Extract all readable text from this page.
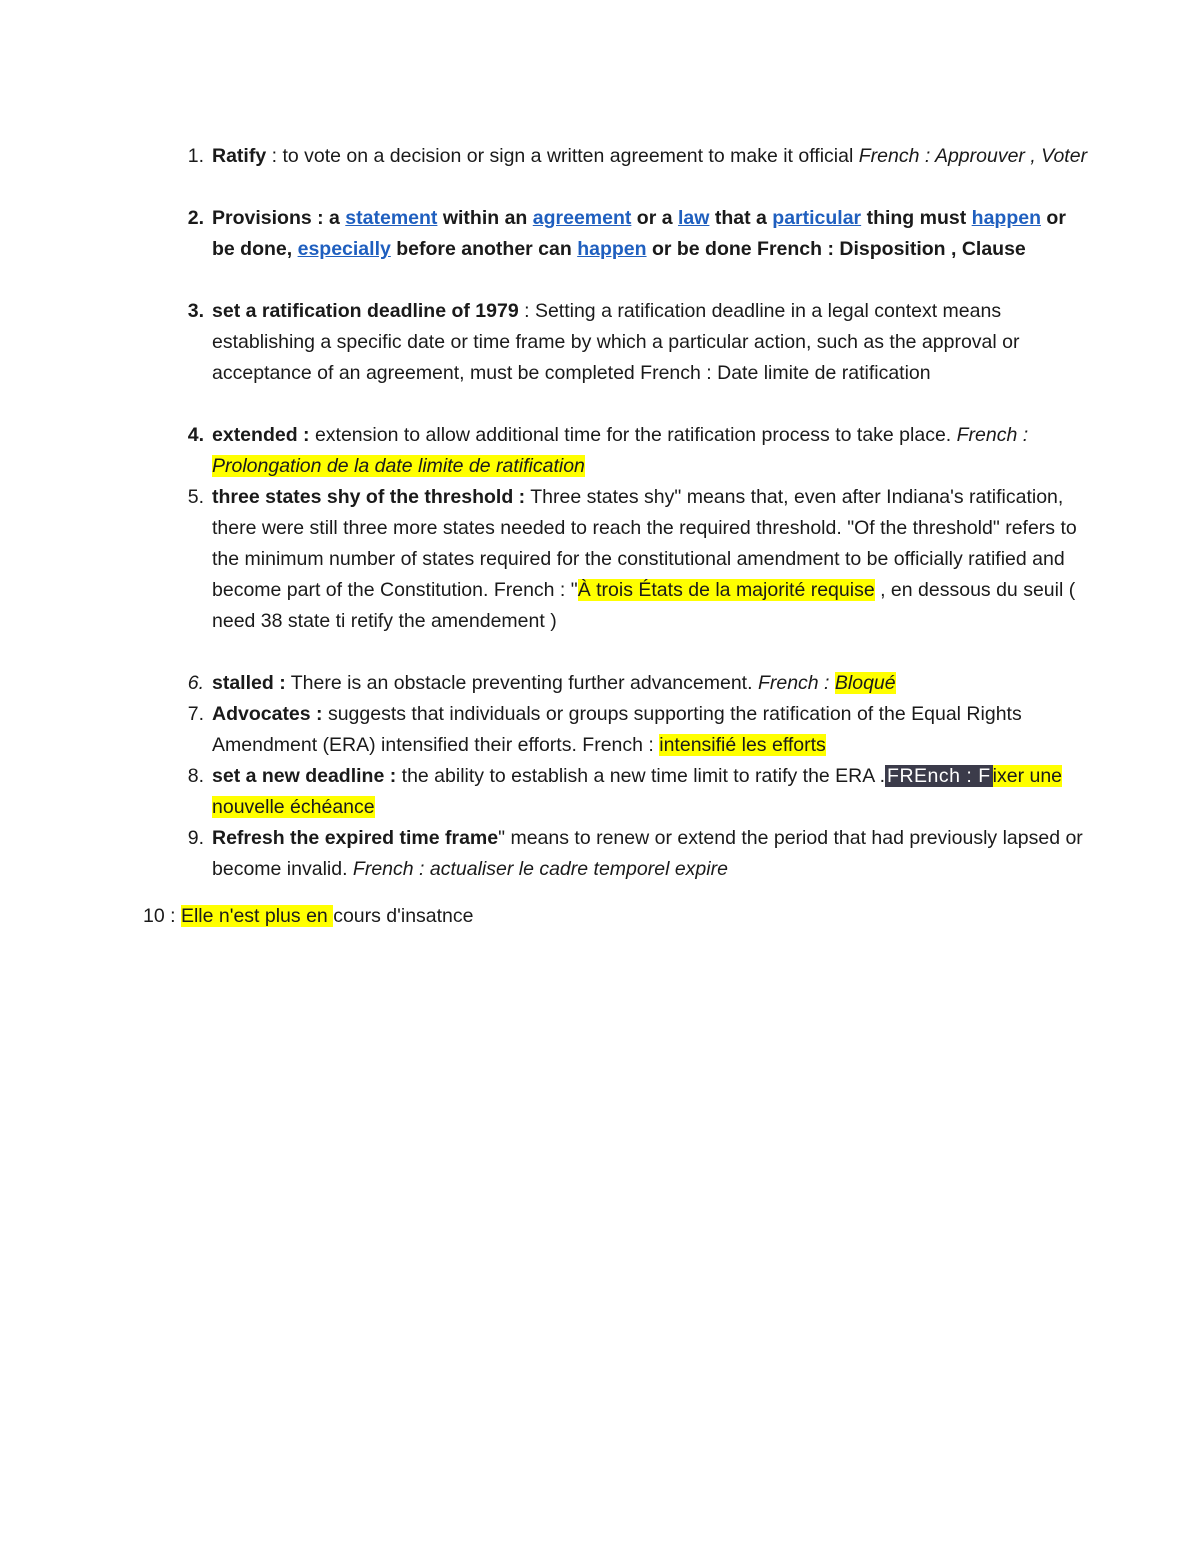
1. Ratify : to vote on a decision or sign a written agreement to make it official French : Approuver , Voter
2. Provisions : a statement within an agreement or a law that a particular thing must happen or be done, especially before another can happen or be done French : Disposition , Clause
3. set a ratification deadline of 1979 : Setting a ratification deadline in a legal context means establishing a specific date or time frame by which a particular action, such as the approval or acceptance of an agreement, must be completed French : Date limite de ratification
4. extended : extension to allow additional time for the ratification process to take place. French : Prolongation de la date limite de ratification
5. three states shy of the threshold : Three states shy" means that, even after Indiana's ratification, there were still three more states needed to reach the required threshold. "Of the threshold" refers to the minimum number of states required for the constitutional amendment to be officially ratified and become part of the Constitution. French : "À trois États de la majorité requise , en dessous du seuil ( need 38 state ti retify the amendement )
6. stalled : There is an obstacle preventing further advancement. French : Bloqué
7. Advocates : suggests that individuals or groups supporting the ratification of the Equal Rights Amendment (ERA) intensified their efforts. French : intensifié les efforts
8. set a new deadline : the ability to establish a new time limit to ratify the ERA . FREnch : F ixer une nouvelle échéance
9. Refresh the expired time frame" means to renew or extend the period that had previously lapsed or become invalid. French : actualiser le cadre temporel expire
10 : Elle n'est plus en cours d'insatnce
